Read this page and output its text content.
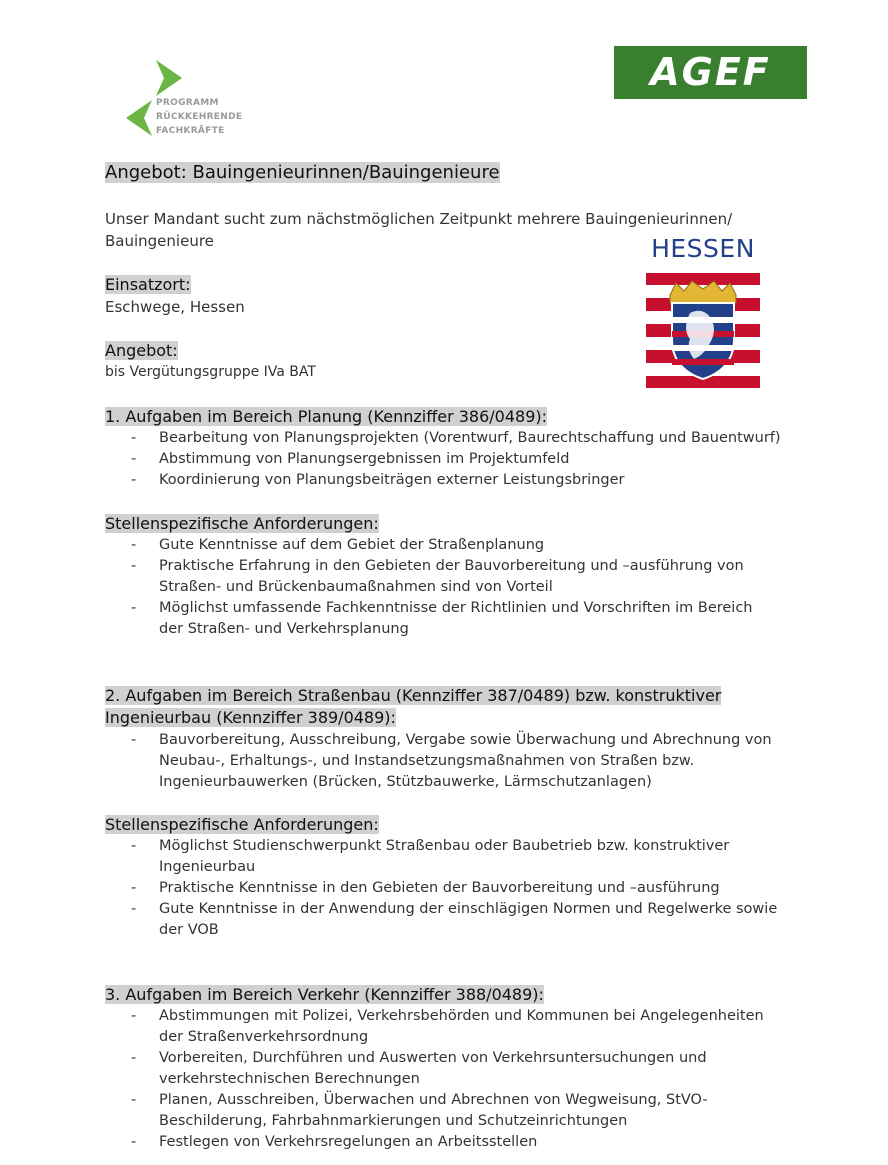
PROGRAMM
RÜCKKEHRENDE
FACHKRÄFTE
AGEF
HESSEN
Angebot: Bauingenieurinnen/Bauingenieure
Unser Mandant sucht zum nächstmöglichen Zeitpunkt mehrere Bauingenieurinnen/
Bauingenieure
Einsatzort:
Eschwege, Hessen
Angebot:
bis Vergütungsgruppe IVa BAT
1. Aufgaben im Bereich Planung (Kennziffer 386/0489):
- Bearbeitung von Planungsprojekten (Vorentwurf, Baurechtschaffung und Bauentwurf)
- Abstimmung von Planungsergebnissen im Projektumfeld
- Koordinierung von Planungsbeiträgen externer Leistungsbringer
Stellenspezifische Anforderungen:
- Gute Kenntnisse auf dem Gebiet der Straßenplanung
- Praktische Erfahrung in den Gebieten der Bauvorbereitung und –ausführung von
Straßen- und Brückenbaumaßnahmen sind von Vorteil
- Möglichst umfassende Fachkenntnisse der Richtlinien und Vorschriften im Bereich
der Straßen- und Verkehrsplanung
2. Aufgaben im Bereich Straßenbau (Kennziffer 387/0489) bzw. konstruktiver
Ingenieurbau (Kennziffer 389/0489):
- Bauvorbereitung, Ausschreibung, Vergabe sowie Überwachung und Abrechnung von
Neubau-, Erhaltungs-, und Instandsetzungsmaßnahmen von Straßen bzw.
Ingenieurbauwerken (Brücken, Stützbauwerke, Lärmschutzanlagen)
Stellenspezifische Anforderungen:
- Möglichst Studienschwerpunkt Straßenbau oder Baubetrieb bzw. konstruktiver
Ingenieurbau
- Praktische Kenntnisse in den Gebieten der Bauvorbereitung und –ausführung
- Gute Kenntnisse in der Anwendung der einschlägigen Normen und Regelwerke sowie
der VOB
3. Aufgaben im Bereich Verkehr (Kennziffer 388/0489):
- Abstimmungen mit Polizei, Verkehrsbehörden und Kommunen bei Angelegenheiten
der Straßenverkehrsordnung
- Vorbereiten, Durchführen und Auswerten von Verkehrsuntersuchungen und
verkehrstechnischen Berechnungen
- Planen, Ausschreiben, Überwachen und Abrechnen von Wegweisung, StVO-
Beschilderung, Fahrbahnmarkierungen und Schutzeinrichtungen
- Festlegen von Verkehrsregelungen an Arbeitsstellen
